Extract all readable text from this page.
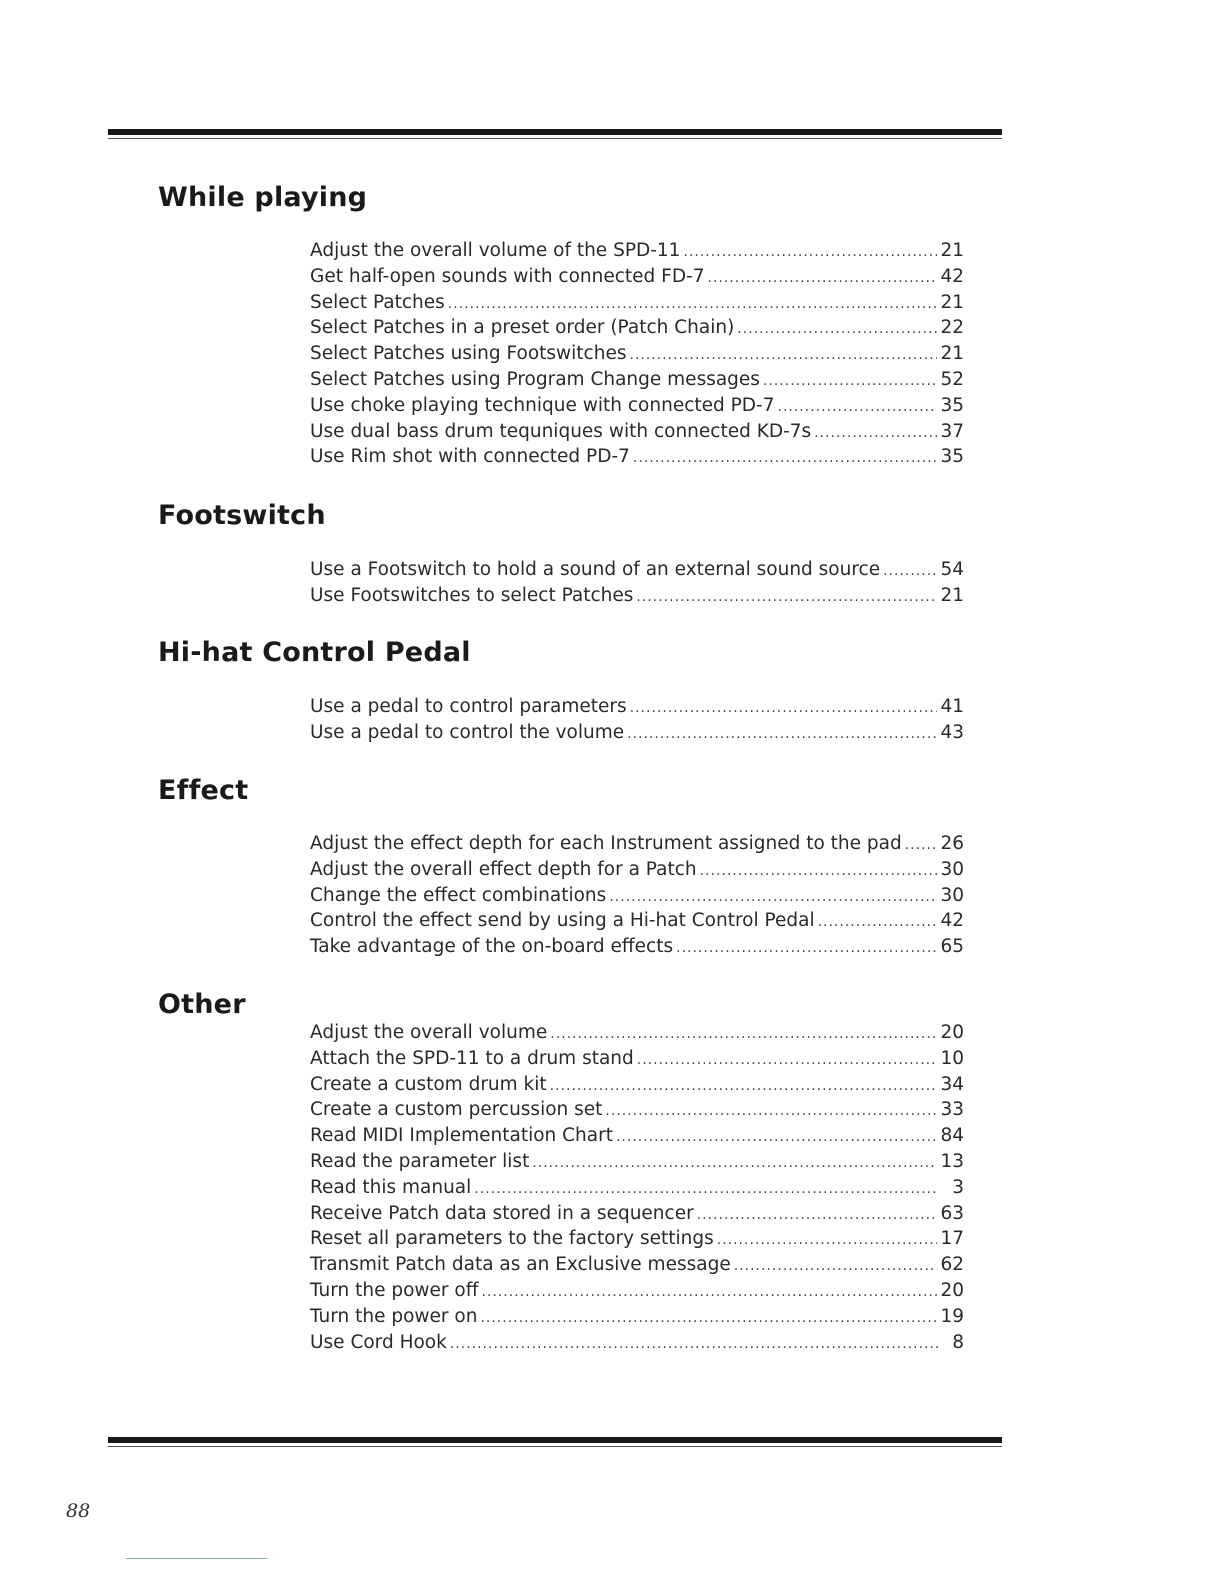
While playing
Adjust the overall volume of the SPD-11 .....	21
Get half-open sounds with connected FD-7 .....	42
Select Patches .....	21
Select Patches in a preset order (Patch Chain) .....	22
Select Patches using Footswitches .....	21
Select Patches using Program Change messages .....	52
Use choke playing technique with connected PD-7 .....	35
Use dual bass drum tequniques with connected KD-7s .....	37
Use Rim shot with connected PD-7 .....	35
Footswitch
Use a Footswitch to hold a sound of an external sound source .....	54
Use Footswitches to select Patches .....	21
Hi-hat Control Pedal
Use a pedal to control parameters .....	41
Use a pedal to control the volume .....	43
Effect
Adjust the effect depth for each Instrument assigned to the pad ..... 26
Adjust the overall effect depth for a Patch .....	30
Change the effect combinations .....	30
Control the effect send by using a Hi-hat Control Pedal .....	42
Take advantage of the on-board effects .....	65
Other
Adjust the overall volume .....	20
Attach the SPD-11 to a drum stand .....	10
Create a custom drum kit .....	34
Create a custom percussion set .....	33
Read MIDI Implementation Chart .....	84
Read the parameter list .....	13
Read this manual .....	3
Receive Patch data stored in a sequencer .....	63
Reset all parameters to the factory settings .....	17
Transmit Patch data as an Exclusive message .....	62
Turn the power off .....	20
Turn the power on .....	19
Use Cord Hook .....	8
88
